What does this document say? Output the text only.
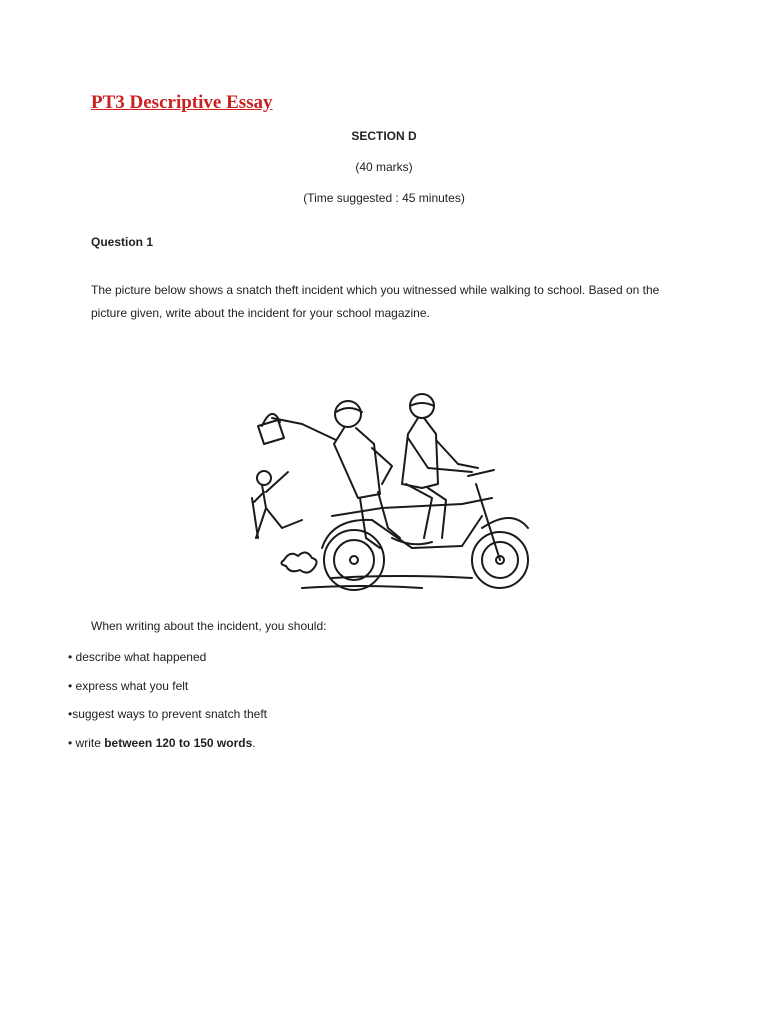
PT3 Descriptive Essay

SECTION D

(40 marks)

(Time suggested : 45 minutes)

Question 1

The picture below shows a snatch theft incident which you witnessed while walking to school. Based on the picture given, write about the incident for your school magazine.

When writing about the incident, you should:

• describe what happened
• express what you felt
•suggest ways to prevent snatch theft
• write between 120 to 150 words.
